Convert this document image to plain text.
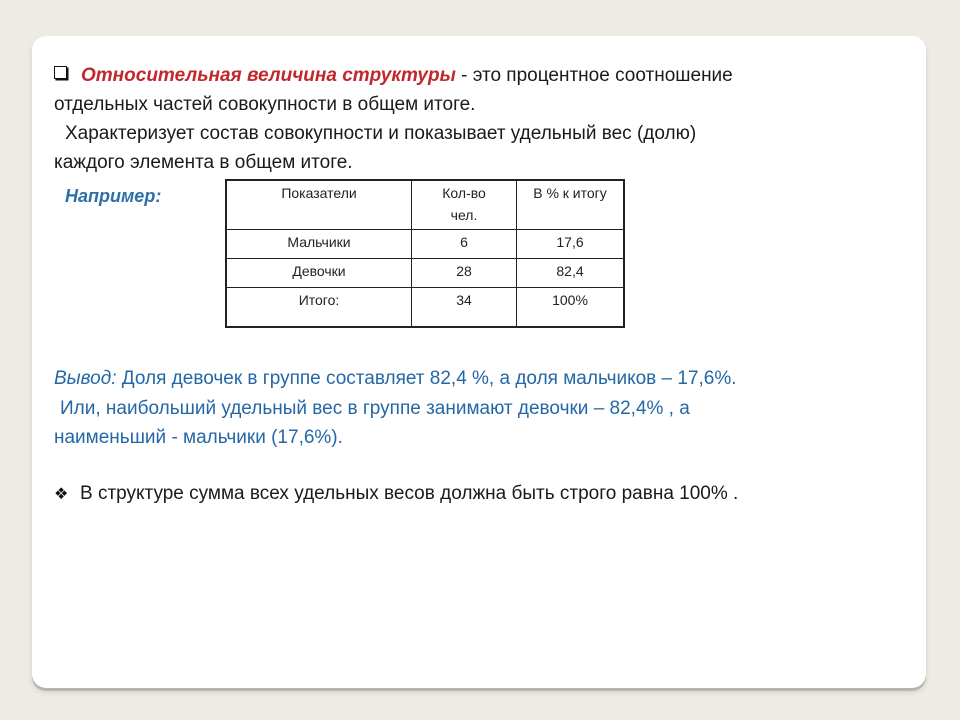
Относительная величина структуры - это процентное соотношение
отдельных частей совокупности в общем итоге.
Характеризует состав совокупности и показывает удельный вес (долю)
каждого элемента в общем итоге.
Например:	Показатели	Кол-во чел.	В % к итогу
Мальчики	6	17,6
Девочки	28	82,4
Итого:	34	100%
Вывод: Доля девочек в группе составляет 82,4 %, а доля мальчиков – 17,6%.
Или, наибольший удельный вес в группе занимают девочки – 82,4% , а
наименьший - мальчики (17,6%).
❖ В структуре сумма всех удельных весов должна быть строго равна 100% .
